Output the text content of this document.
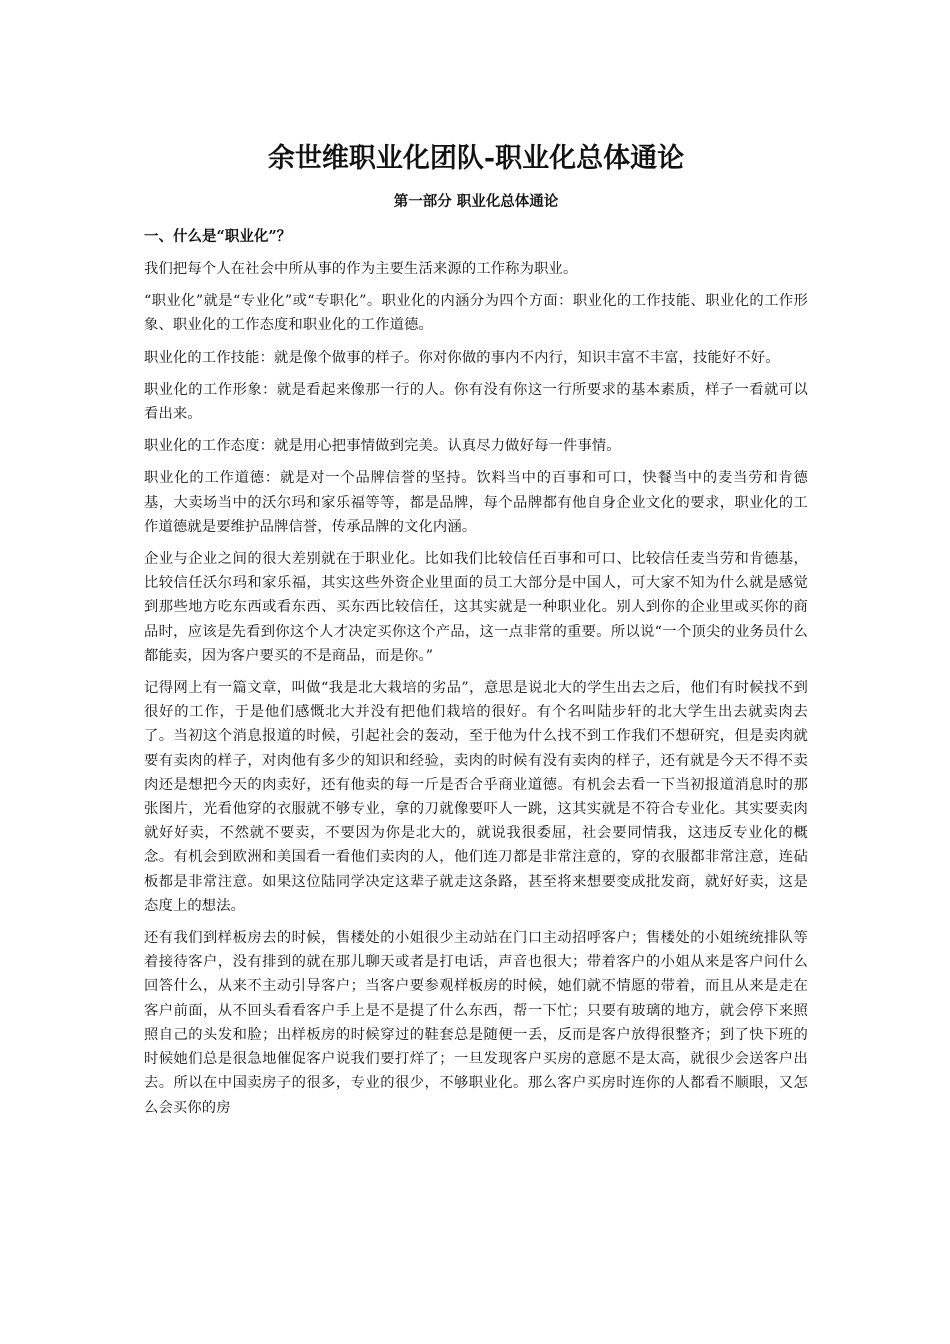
余世维职业化团队-职业化总体通论
第一部分 职业化总体通论
一、什么是“职业化”？

我们把每个人在社会中所从事的作为主要生活来源的工作称为职业。

“职业化”就是“专业化”或“专职化”。职业化的内涵分为四个方面：职业化的工作技能、职业化的工作形象、职业化的工作态度和职业化的工作道德。

职业化的工作技能：就是像个做事的样子。你对你做的事内不内行，知识丰富不丰富，技能好不好。

职业化的工作形象：就是看起来像那一行的人。你有没有你这一行所要求的基本素质，样子一看就可以看出来。

职业化的工作态度：就是用心把事情做到完美。认真尽力做好每一件事情。

职业化的工作道德：就是对一个品牌信誉的坚持。饮料当中的百事和可口，快餐当中的麦当劳和肯德基，大卖场当中的沃尔玛和家乐福等等，都是品牌，每个品牌都有他自身企业文化的要求，职业化的工作道德就是要维护品牌信誉，传承品牌的文化内涵。

企业与企业之间的很大差别就在于职业化。比如我们比较信任百事和可口、比较信任麦当劳和肯德基，比较信任沃尔玛和家乐福，其实这些外资企业里面的员工大部分是中国人，可大家不知为什么就是感觉到那些地方吃东西或看东西、买东西比较信任，这其实就是一种职业化。别人到你的企业里或买你的商品时，应该是先看到你这个人才决定买你这个产品，这一点非常的重要。所以说“一个顶尖的业务员什么都能卖，因为客户要买的不是商品，而是你。”

记得网上有一篇文章，叫做“我是北大栽培的劣品”，意思是说北大的学生出去之后，他们有时候找不到很好的工作，于是他们感慨北大并没有把他们栽培的很好。有个名叫陆步轩的北大学生出去就卖肉去了。当初这个消息报道的时候，引起社会的轰动，至于他为什么找不到工作我们不想研究，但是卖肉就要有卖肉的样子，对肉他有多少的知识和经验，卖肉的时候有没有卖肉的样子，还有就是今天不得不卖肉还是想把今天的肉卖好，还有他卖的每一斤是否合乎商业道德。有机会去看一下当初报道消息时的那张图片，光看他穿的衣服就不够专业，拿的刀就像要吓人一跳，这其实就是不符合专业化。其实要卖肉就好好卖，不然就不要卖，不要因为你是北大的，就说我很委屈，社会要同情我，这违反专业化的概念。有机会到欧洲和美国看一看他们卖肉的人，他们连刀都是非常注意的，穿的衣服都非常注意，连砧板都是非常注意。如果这位陆同学决定这辈子就走这条路，甚至将来想要变成批发商，就好好卖，这是态度上的想法。

还有我们到样板房去的时候，售楼处的小姐很少主动站在门口主动招呼客户；售楼处的小姐统统排队等着接待客户，没有排到的就在那儿聊天或者是打电话，声音也很大；带着客户的小姐从来是客户问什么回答什么，从来不主动引导客户；当客户要参观样板房的时候，她们就不情愿的带着，而且从来是走在客户前面，从不回头看看客户手上是不是提了什么东西，帮一下忙；只要有玻璃的地方，就会停下来照照自己的头发和脸；出样板房的时候穿过的鞋套总是随便一丢，反而是客户放得很整齐；到了快下班的时候她们总是很急地催促客户说我们要打烊了；一旦发现客户买房的意愿不是太高，就很少会送客户出去。所以在中国卖房子的很多，专业的很少，不够职业化。那么客户买房时连你的人都看不顺眼，又怎么会买你的房
